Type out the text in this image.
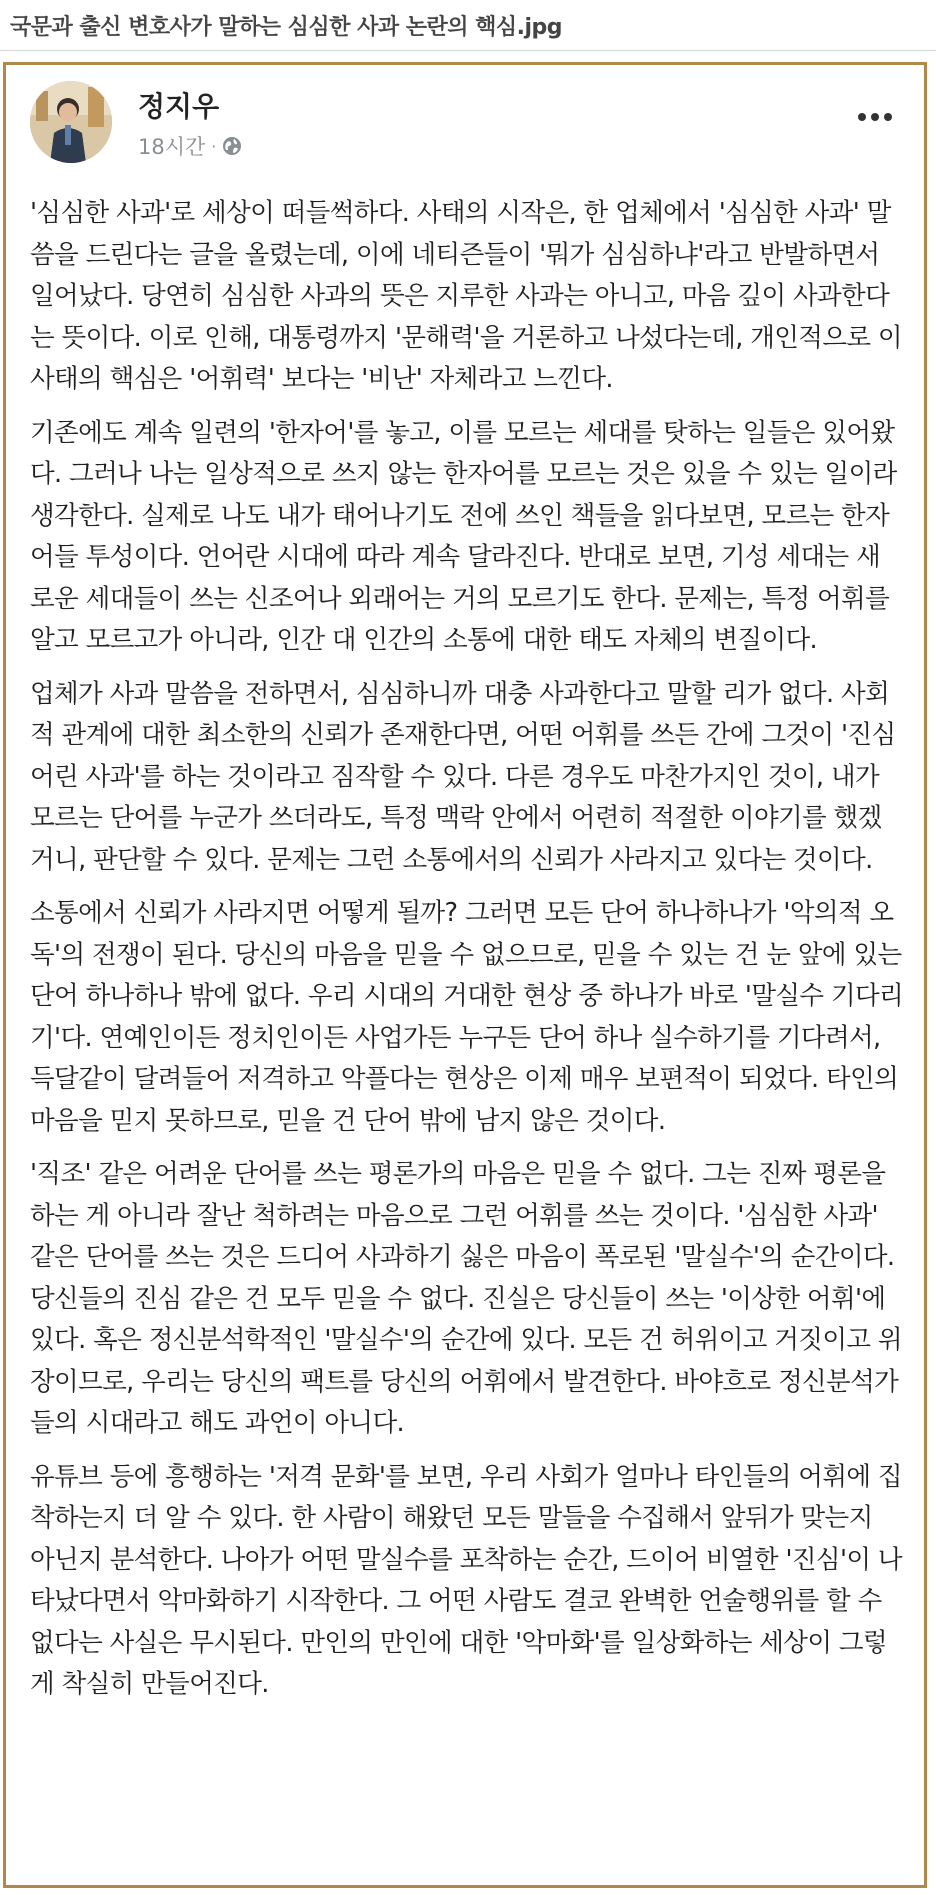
국문과 출신 변호사가 말하는 심심한 사과 논란의 핵심.jpg
정지우
18시간 ·

'심심한 사과'로 세상이 떠들썩하다. 사태의 시작은, 한 업체에서 '심심한 사과' 말씀을 드린다는 글을 올렸는데, 이에 네티즌들이 '뭐가 심심하냐'라고 반발하면서 일어났다. 당연히 심심한 사과의 뜻은 지루한 사과는 아니고, 마음 깊이 사과한다는 뜻이다. 이로 인해, 대통령까지 '문해력'을 거론하고 나섰다는데, 개인적으로 이 사태의 핵심은 '어휘력' 보다는 '비난' 자체라고 느낀다.

기존에도 계속 일련의 '한자어'를 놓고, 이를 모르는 세대를 탓하는 일들은 있어왔다. 그러나 나는 일상적으로 쓰지 않는 한자어를 모르는 것은 있을 수 있는 일이라 생각한다. 실제로 나도 내가 태어나기도 전에 쓰인 책들을 읽다보면, 모르는 한자어들 투성이다. 언어란 시대에 따라 계속 달라진다. 반대로 보면, 기성 세대는 새로운 세대들이 쓰는 신조어나 외래어는 거의 모르기도 한다. 문제는, 특정 어휘를 알고 모르고가 아니라, 인간 대 인간의 소통에 대한 태도 자체의 변질이다.

업체가 사과 말씀을 전하면서, 심심하니까 대충 사과한다고 말할 리가 없다. 사회적 관계에 대한 최소한의 신뢰가 존재한다면, 어떤 어휘를 쓰든 간에 그것이 '진심어린 사과'를 하는 것이라고 짐작할 수 있다. 다른 경우도 마찬가지인 것이, 내가 모르는 단어를 누군가 쓰더라도, 특정 맥락 안에서 어련히 적절한 이야기를 했겠거니, 판단할 수 있다. 문제는 그런 소통에서의 신뢰가 사라지고 있다는 것이다.

소통에서 신뢰가 사라지면 어떻게 될까? 그러면 모든 단어 하나하나가 '악의적 오독'의 전쟁이 된다. 당신의 마음을 믿을 수 없으므로, 믿을 수 있는 건 눈 앞에 있는 단어 하나하나 밖에 없다. 우리 시대의 거대한 현상 중 하나가 바로 '말실수 기다리기'다. 연예인이든 정치인이든 사업가든 누구든 단어 하나 실수하기를 기다려서, 득달같이 달려들어 저격하고 악플다는 현상은 이제 매우 보편적이 되었다. 타인의 마음을 믿지 못하므로, 믿을 건 단어 밖에 남지 않은 것이다.

'직조' 같은 어려운 단어를 쓰는 평론가의 마음은 믿을 수 없다. 그는 진짜 평론을 하는 게 아니라 잘난 척하려는 마음으로 그런 어휘를 쓰는 것이다. '심심한 사과' 같은 단어를 쓰는 것은 드디어 사과하기 싫은 마음이 폭로된 '말실수'의 순간이다. 당신들의 진심 같은 건 모두 믿을 수 없다. 진실은 당신들이 쓰는 '이상한 어휘'에 있다. 혹은 정신분석학적인 '말실수'의 순간에 있다. 모든 건 허위이고 거짓이고 위장이므로, 우리는 당신의 팩트를 당신의 어휘에서 발견한다. 바야흐로 정신분석가들의 시대라고 해도 과언이 아니다.

유튜브 등에 흥행하는 '저격 문화'를 보면, 우리 사회가 얼마나 타인들의 어휘에 집착하는지 더 알 수 있다. 한 사람이 해왔던 모든 말들을 수집해서 앞뒤가 맞는지 아닌지 분석한다. 나아가 어떤 말실수를 포착하는 순간, 드이어 비열한 '진심'이 나타났다면서 악마화하기 시작한다. 그 어떤 사람도 결코 완벽한 언술행위를 할 수 없다는 사실은 무시된다. 만인의 만인에 대한 '악마화'를 일상화하는 세상이 그렇게 착실히 만들어진다.
